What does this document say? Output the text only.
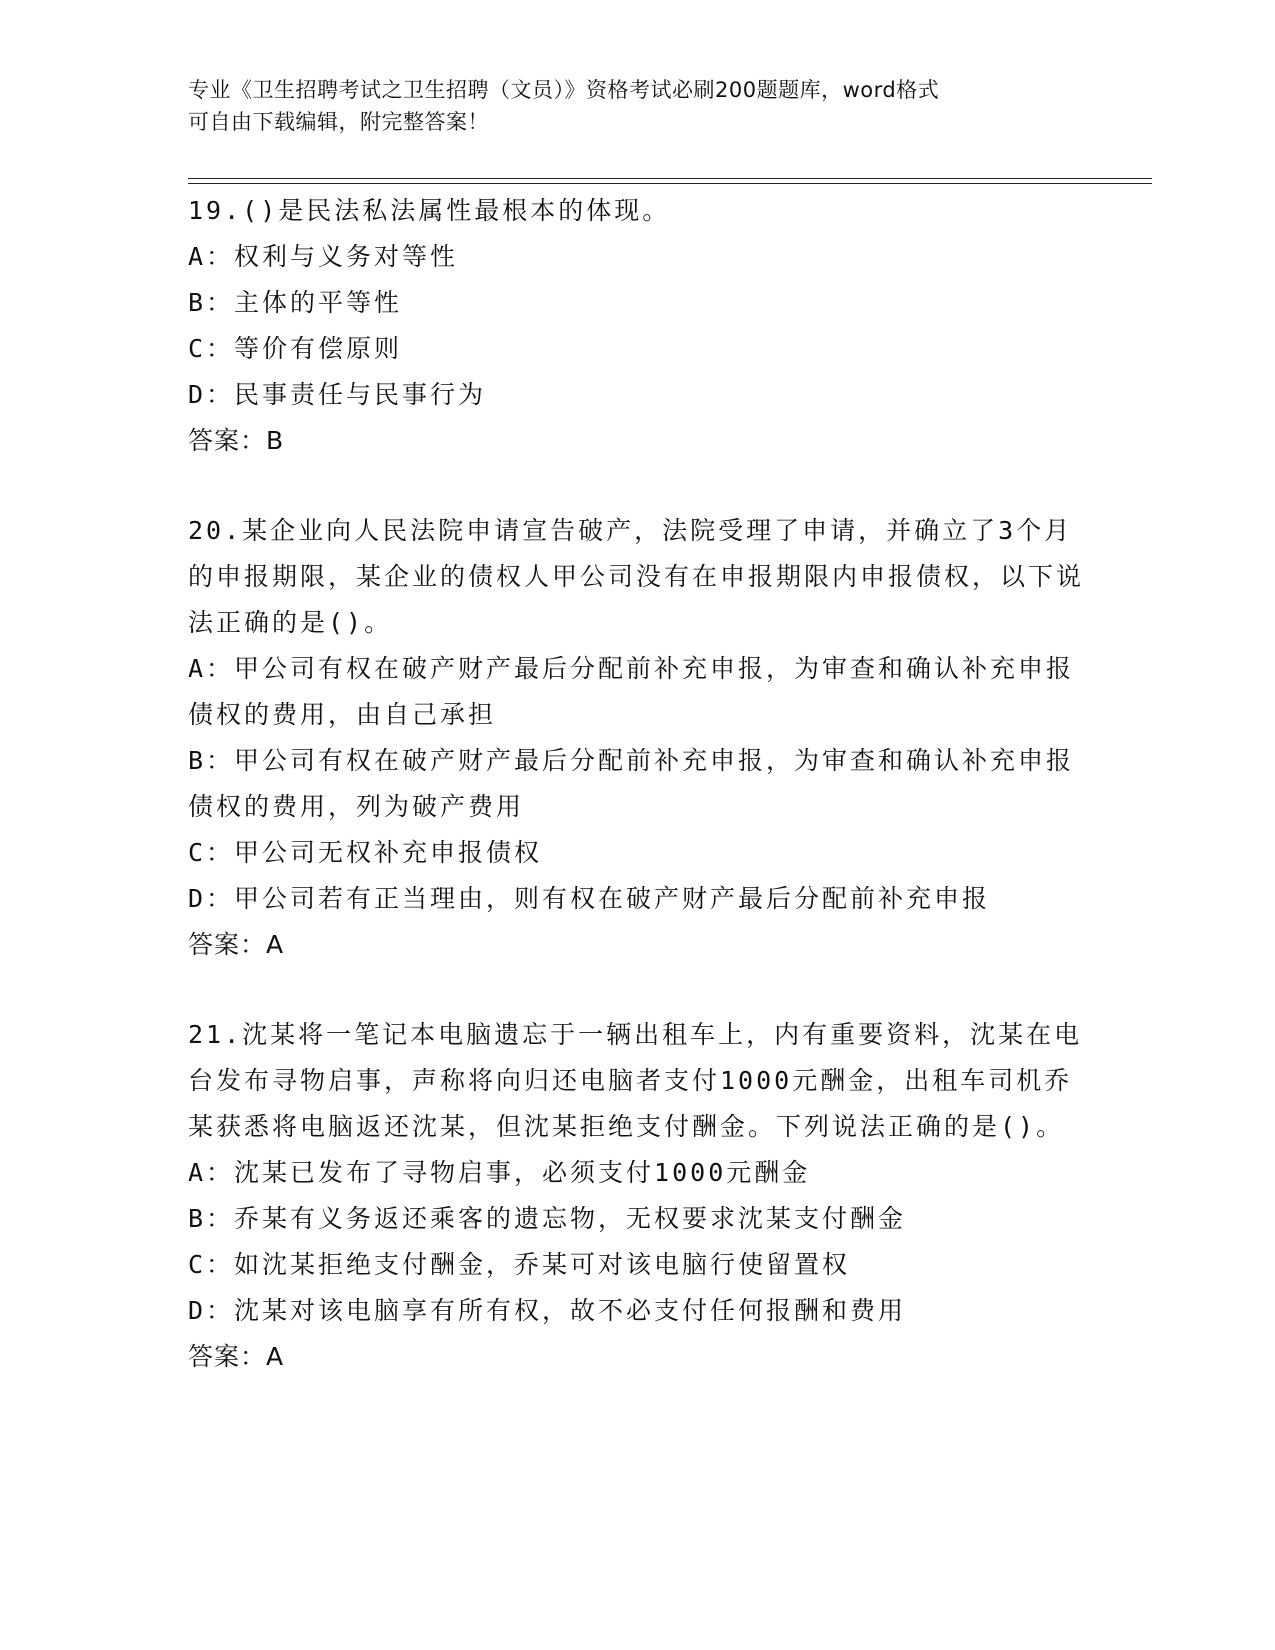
专业《卫生招聘考试之卫生招聘（文员）》资格考试必刷200题题库，word格式
可自由下载编辑，附完整答案！

19.()是民法私法属性最根本的体现。

A：权利与义务对等性

B：主体的平等性

C：等价有偿原则

D：民事责任与民事行为

答案：B

20.某企业向人民法院申请宣告破产，法院受理了申请，并确立了3个月的申报期限，某企业的债权人甲公司没有在申报期限内申报债权，以下说法正确的是()。

A：甲公司有权在破产财产最后分配前补充申报，为审查和确认补充申报债权的费用，由自己承担

B：甲公司有权在破产财产最后分配前补充申报，为审查和确认补充申报债权的费用，列为破产费用

C：甲公司无权补充申报债权

D：甲公司若有正当理由，则有权在破产财产最后分配前补充申报

答案：A

21.沈某将一笔记本电脑遗忘于一辆出租车上，内有重要资料，沈某在电台发布寻物启事，声称将向归还电脑者支付1000元酬金，出租车司机乔某获悉将电脑返还沈某，但沈某拒绝支付酬金。下列说法正确的是()。

A：沈某已发布了寻物启事，必须支付1000元酬金

B：乔某有义务返还乘客的遗忘物，无权要求沈某支付酬金

C：如沈某拒绝支付酬金，乔某可对该电脑行使留置权

D：沈某对该电脑享有所有权，故不必支付任何报酬和费用

答案：A
